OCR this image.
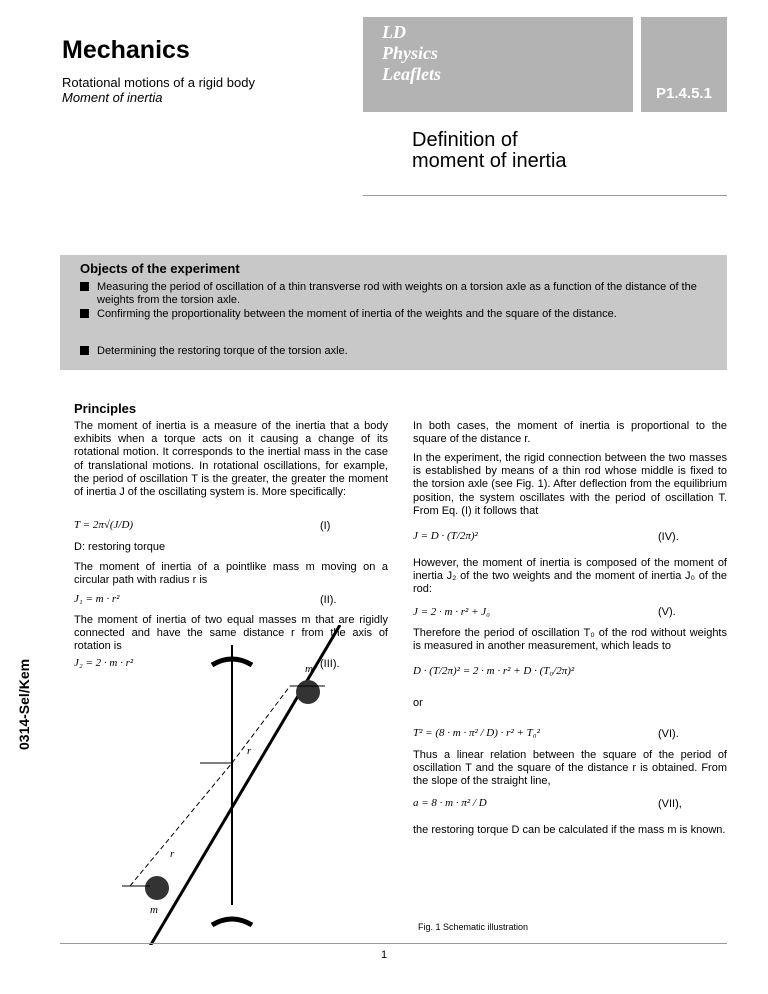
Mechanics
Rotational motions of a rigid body
Moment of inertia
LD
Physics
Leaflets
P1.4.5.1
Definition of
moment of inertia
Objects of the experiment
Measuring the period of oscillation of a thin transverse rod with weights on a torsion axle as a function of the distance of the weights from the torsion axle.
Confirming the proportionality between the moment of inertia of the weights and the square of the distance.
Determining the restoring torque of the torsion axle.
Principles
The moment of inertia is a measure of the inertia that a body exhibits when a torque acts on it causing a change of its rotational motion. It corresponds to the inertial mass in the case of translational motions. In rotational oscillations, for example, the period of oscillation T is the greater, the greater the moment of inertia J of the oscillating system is. More specifically:
T = 2π√(J/D)	(I)
D: restoring torque
The moment of inertia of a pointlike mass m moving on a circular path with radius r is
J₁ = m · r²	(II).
The moment of inertia of two equal masses m that are rigidly connected and have the same distance r from the axis of rotation is
J₂ = 2 · m · r²	(III).
In both cases, the moment of inertia is proportional to the square of the distance r.
In the experiment, the rigid connection between the two masses is established by means of a thin rod whose middle is fixed to the torsion axle (see Fig. 1). After deflection from the equilibrium position, the system oscillates with the period of oscillation T. From Eq. (I) it follows that
J = D · (T/2π)²	(IV).
However, the moment of inertia is composed of the moment of inertia J₂ of the two weights and the moment of inertia J₀ of the rod:
J = 2 · m · r² + J₀	(V).
Therefore the period of oscillation T₀ of the rod without weights is measured in another measurement, which leads to
D · (T/2π)² = 2 · m · r² + D · (T₀/2π)²
or
T² = (8 · m · π² / D) · r² + T₀²	(VI).
Thus a linear relation between the square of the period of oscillation T and the square of the distance r is obtained. From the slope of the straight line,
a = 8 · m · π² / D	(VII),
the restoring torque D can be calculated if the mass m is known.
m
r
r
m
Fig. 1 Schematic illustration
0314-Sel/Kem
1
